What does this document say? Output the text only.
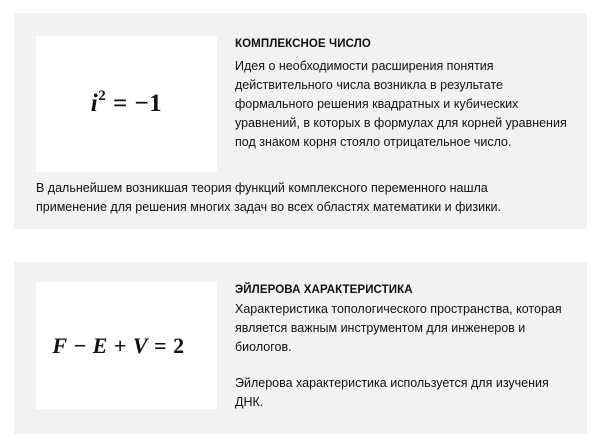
$i^2 = -1$
КОМПЛЕКСНОЕ ЧИСЛО

Идея о необходимости расширения понятия действительного числа возникла в результате формального решения квадратных и кубических уравнений, в которых в формулах для корней уравнения под знаком корня стояло отрицательное число.

В дальнейшем возникшая теория функций комплексного переменного нашла применение для решения многих задач во всех областях математики и физики.

F − E + V = 2
ЭЙЛЕРОВА ХАРАКТЕРИСТИКА

Характеристика топологического пространства, которая является важным инструментом для инженеров и биологов.

Эйлерова характеристика используется для изучения ДНК.
